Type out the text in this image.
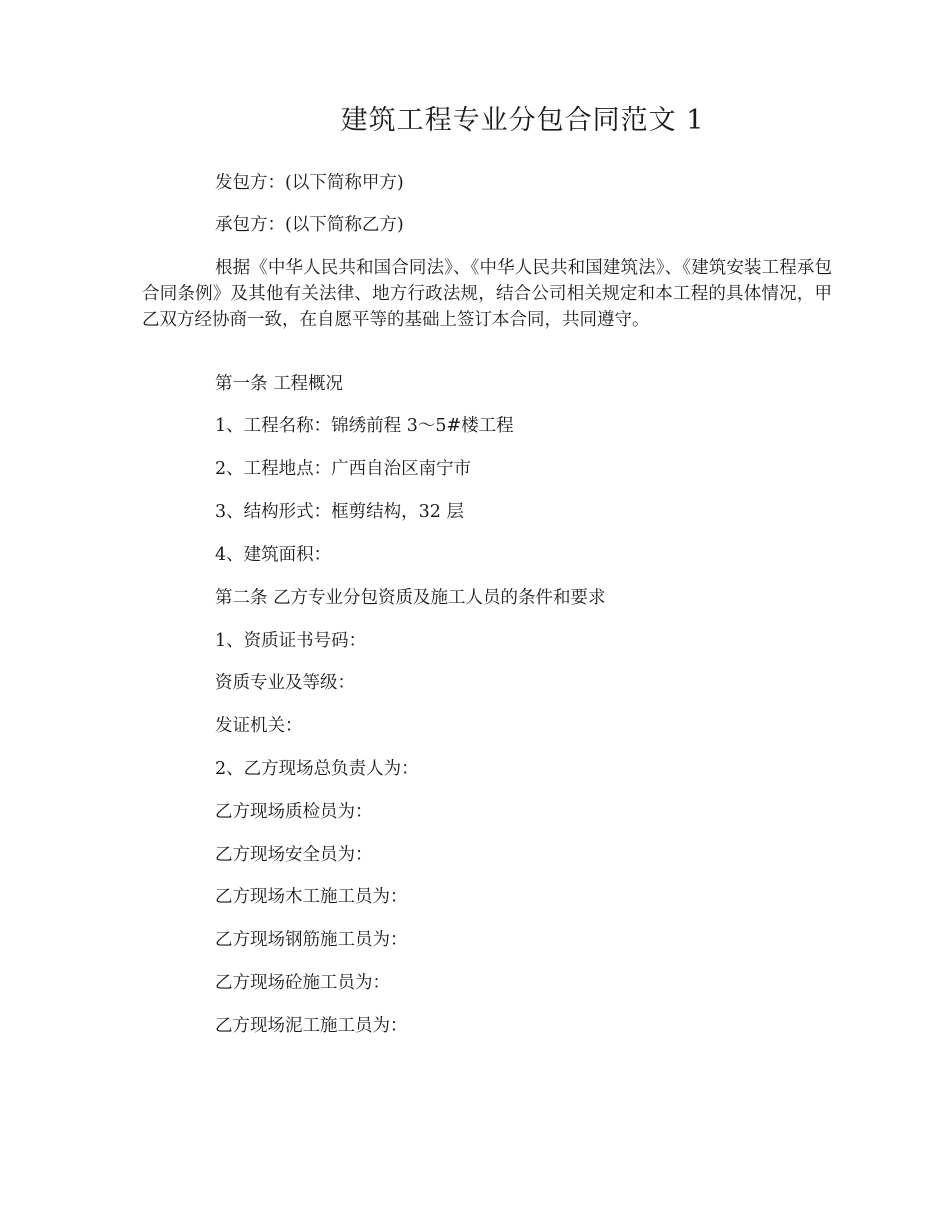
建筑工程专业分包合同范文 1
发包方：(以下简称甲方)
承包方：(以下简称乙方)
根据《中华人民共和国合同法》、《中华人民共和国建筑法》、《建筑安装工程承包合同条例》及其他有关法律、地方行政法规，结合公司相关规定和本工程的具体情况，甲乙双方经协商一致，在自愿平等的基础上签订本合同，共同遵守。
第一条 工程概况
1、工程名称：锦绣前程 3～5#楼工程
2、工程地点：广西自治区南宁市
3、结构形式：框剪结构，32 层
4、建筑面积：
第二条 乙方专业分包资质及施工人员的条件和要求
1、资质证书号码：
资质专业及等级：
发证机关：
2、乙方现场总负责人为：
乙方现场质检员为：
乙方现场安全员为：
乙方现场木工施工员为：
乙方现场钢筋施工员为：
乙方现场砼施工员为：
乙方现场泥工施工员为：
